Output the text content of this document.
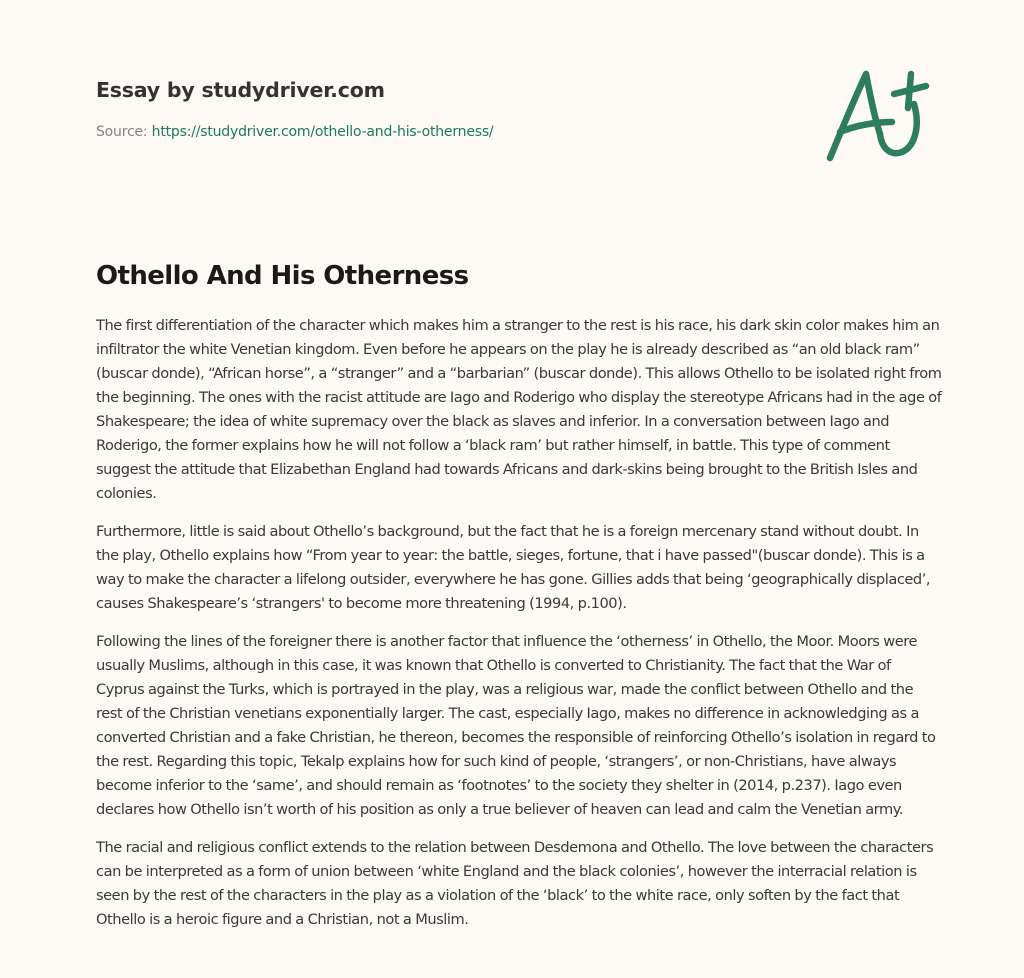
Essay by studydriver.com
Source: https://studydriver.com/othello-and-his-otherness/
Othello And His Otherness

The first differentiation of the character which makes him a stranger to the rest is his race, his dark skin color makes him an infiltrator the white Venetian kingdom. Even before he appears on the play he is already described as “an old black ram” (buscar donde), “African horse”, a “stranger” and a “barbarian” (buscar donde). This allows Othello to be isolated right from the beginning. The ones with the racist attitude are Iago and Roderigo who display the stereotype Africans had in the age of Shakespeare; the idea of white supremacy over the black as slaves and inferior. In a conversation between Iago and Roderigo, the former explains how he will not follow a ‘black ram’ but rather himself, in battle. This type of comment suggest the attitude that Elizabethan England had towards Africans and dark-skins being brought to the British Isles and colonies.

Furthermore, little is said about Othello’s background, but the fact that he is a foreign mercenary stand without doubt. In the play, Othello explains how “From year to year: the battle, sieges, fortune, that i have passed"(buscar donde). This is a way to make the character a lifelong outsider, everywhere he has gone. Gillies adds that being ‘geographically displaced’, causes Shakespeare’s ‘strangers' to become more threatening (1994, p.100).

Following the lines of the foreigner there is another factor that influence the ‘otherness’ in Othello, the Moor. Moors were usually Muslims, although in this case, it was known that Othello is converted to Christianity. The fact that the War of Cyprus against the Turks, which is portrayed in the play, was a religious war, made the conflict between Othello and the rest of the Christian venetians exponentially larger. The cast, especially Iago, makes no difference in acknowledging as a converted Christian and a fake Christian, he thereon, becomes the responsible of reinforcing Othello’s isolation in regard to the rest. Regarding this topic, Tekalp explains how for such kind of people, ‘strangers’, or non-Christians, have always become inferior to the ‘same’, and should remain as ‘footnotes’ to the society they shelter in (2014, p.237). Iago even declares how Othello isn’t worth of his position as only a true believer of heaven can lead and calm the Venetian army.

The racial and religious conflict extends to the relation between Desdemona and Othello. The love between the characters can be interpreted as a form of union between ‘white England and the black colonies’, however the interracial relation is seen by the rest of the characters in the play as a violation of the ‘black’ to the white race, only soften by the fact that Othello is a heroic figure and a Christian, not a Muslim.
